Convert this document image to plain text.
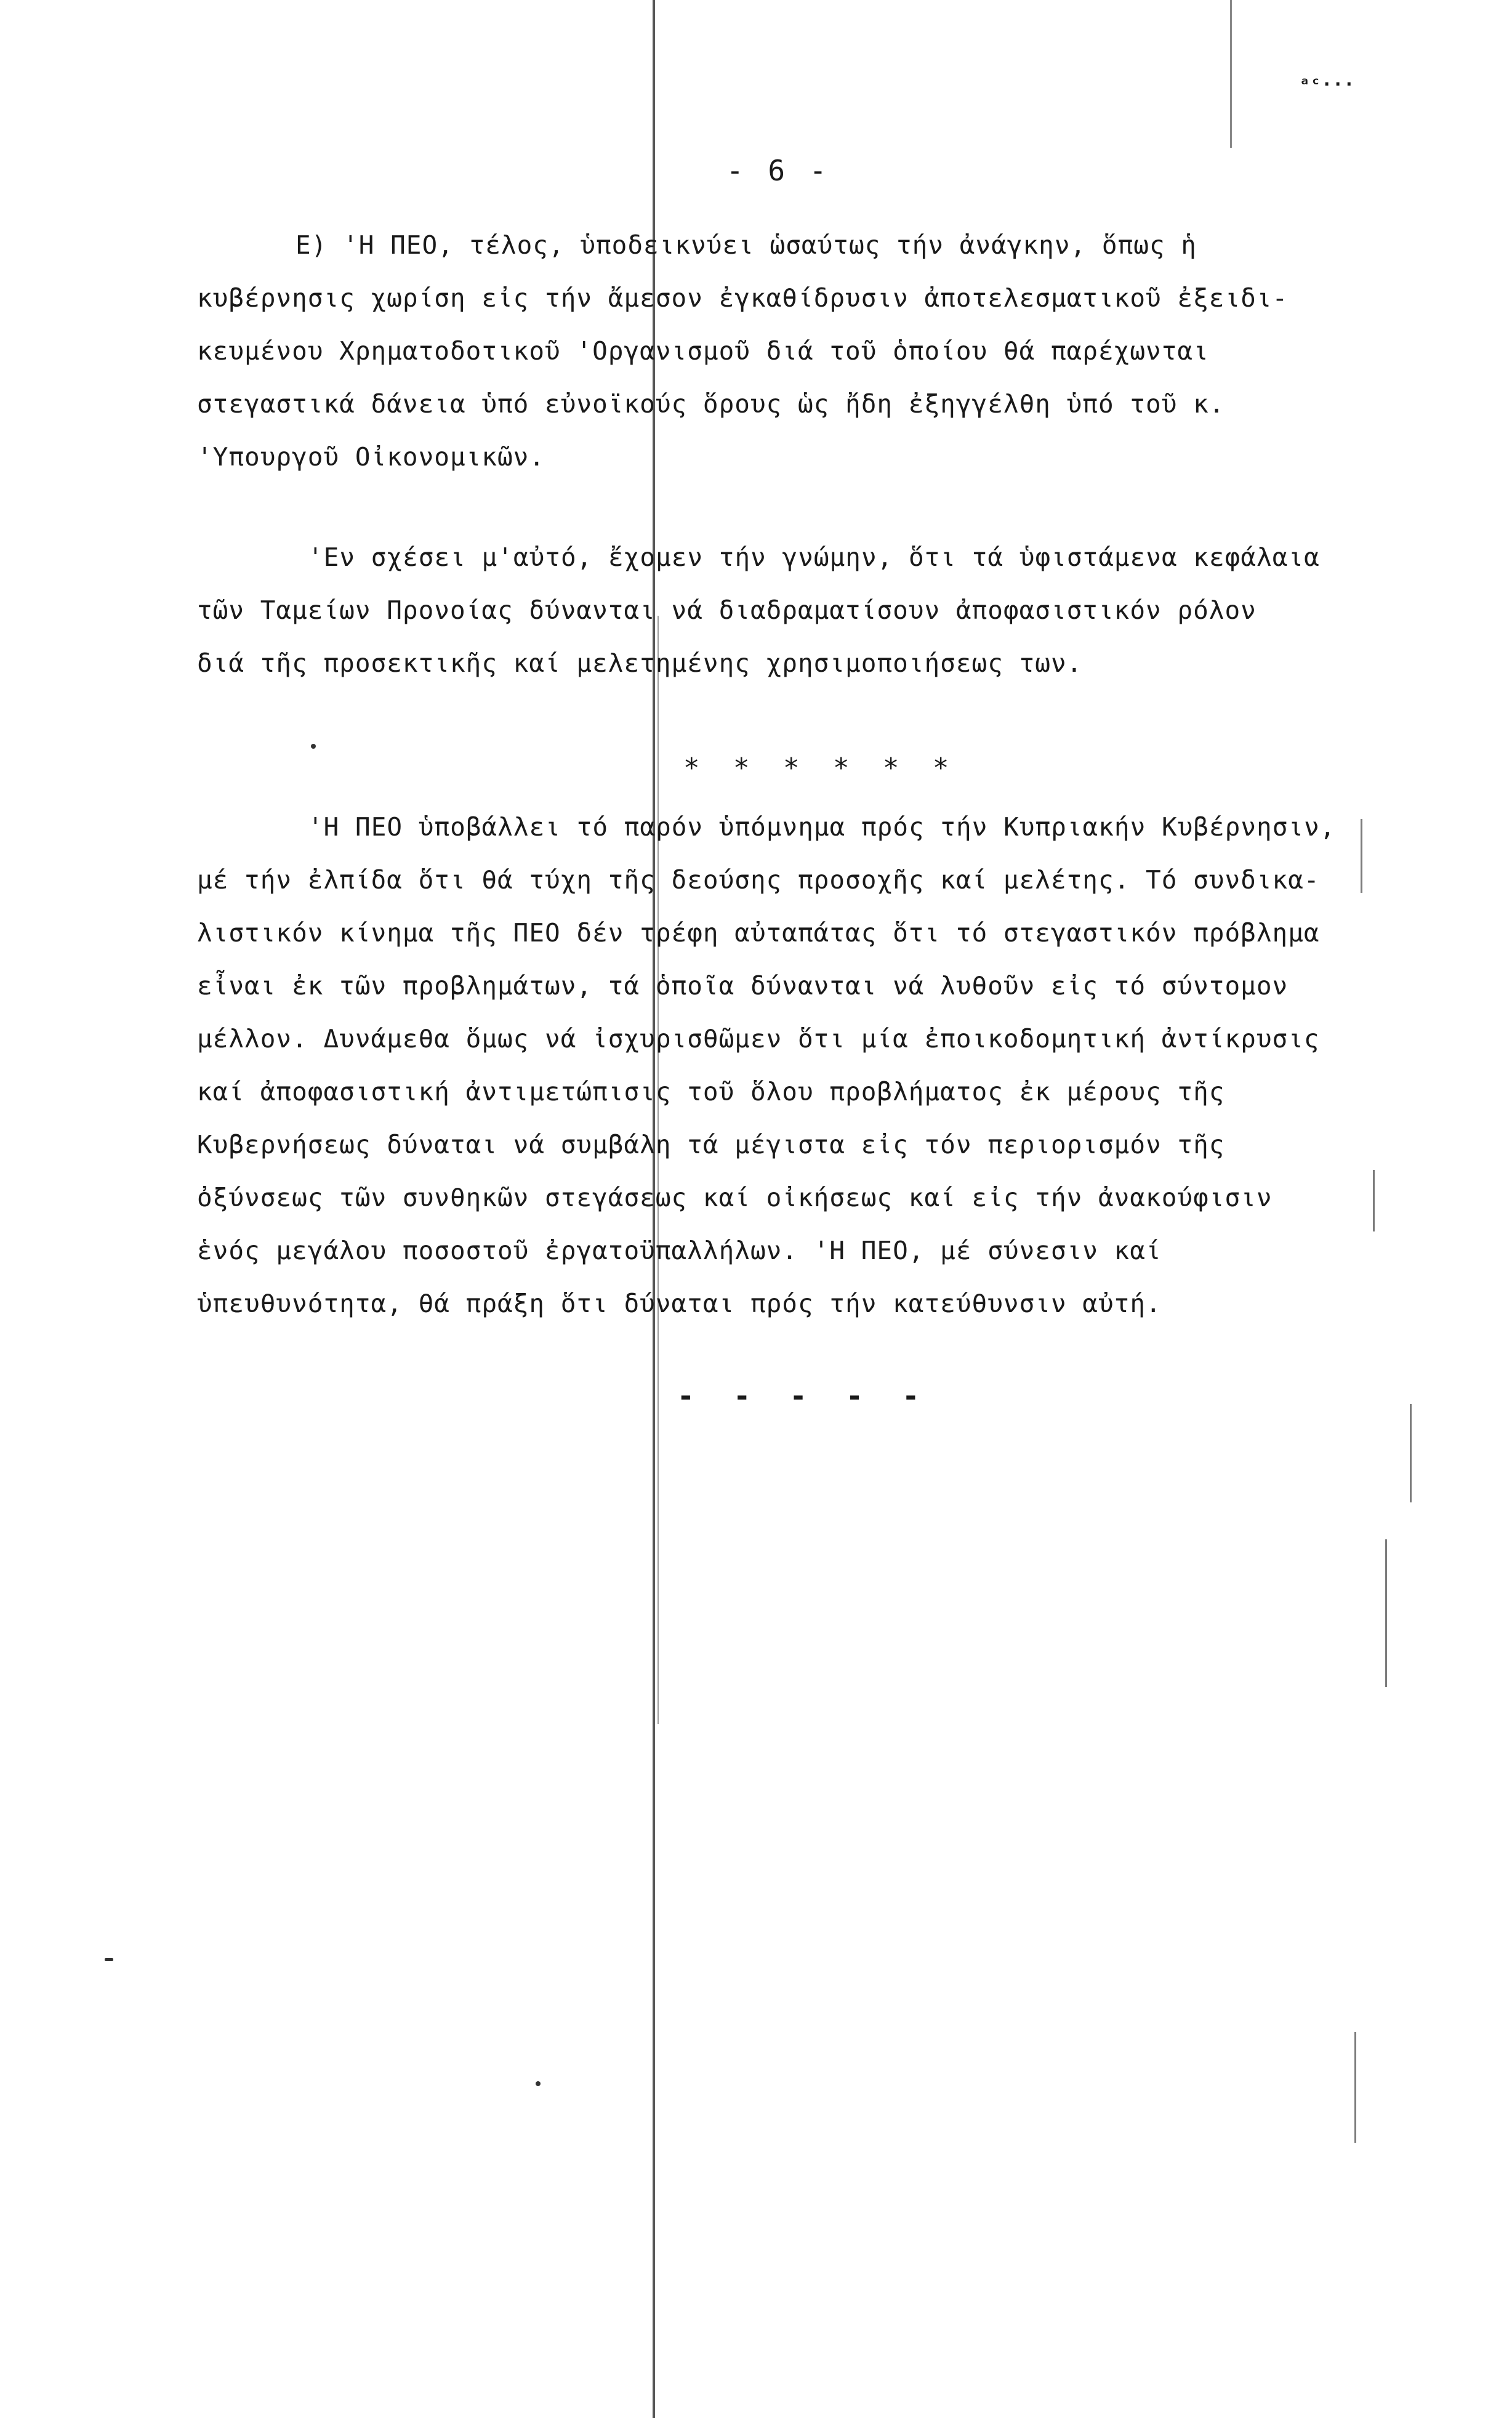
ᵃᶜ···
- 6 -
Ε) 'Η ΠΕΟ, τέλος, ὑποδεικνύει ὡσαύτως τήν ἀνάγκην, ὅπως ἡ
κυβέρνησις χωρίση εἰς τήν ἄμεσον ἐγκαθίδρυσιν ἀποτελεσματικοῦ ἐξειδι-
κευμένου Χρηματοδοτικοῦ 'Οργανισμοῦ διά τοῦ ὁποίου θά παρέχωνται
στεγαστικά δάνεια ὑπό εὐνοϊκούς ὅρους ὡς ἤδη ἐξηγγέλθη ὑπό τοῦ κ.
'Υπουργοῦ Οἰκονομικῶν.
'Εν σχέσει μ'αὐτό, ἔχομεν τήν γνώμην, ὅτι τά ὑφιστάμενα κεφάλαια
τῶν Ταμείων Προνοίας δύνανται νά διαδραματίσουν ἀποφασιστικόν ρόλον
διά τῆς προσεκτικῆς καί μελετημένης χρησιμοποιήσεως των.
* * * * * *
'Η ΠΕΟ ὑποβάλλει τό παρόν ὑπόμνημα πρός τήν Κυπριακήν Κυβέρνησιν,
μέ τήν ἐλπίδα ὅτι θά τύχη τῆς δεούσης προσοχῆς καί μελέτης. Τό συνδικα-
λιστικόν κίνημα τῆς ΠΕΟ δέν τρέφη αὐταπάτας ὅτι τό στεγαστικόν πρόβλημα
εἶναι ἐκ τῶν προβλημάτων, τά ὁποῖα δύνανται νά λυθοῦν εἰς τό σύντομον
μέλλον. Δυνάμεθα ὅμως νά ἰσχυρισθῶμεν ὅτι μία ἐποικοδομητική ἀντίκρυσις
καί ἀποφασιστική ἀντιμετώπισις τοῦ ὅλου προβλήματος ἐκ μέρους τῆς
Κυβερνήσεως δύναται νά συμβάλη τά μέγιστα εἰς τόν περιορισμόν τῆς
ὀξύνσεως τῶν συνθηκῶν στεγάσεως καί οἰκήσεως καί εἰς τήν ἀνακούφισιν
ἑνός μεγάλου ποσοστοῦ ἐργατοϋπαλλήλων. 'Η ΠΕΟ, μέ σύνεσιν καί
ὑπευθυνότητα, θά πράξη ὅτι δύναται πρός τήν κατεύθυνσιν αὐτή.
- - - - -
